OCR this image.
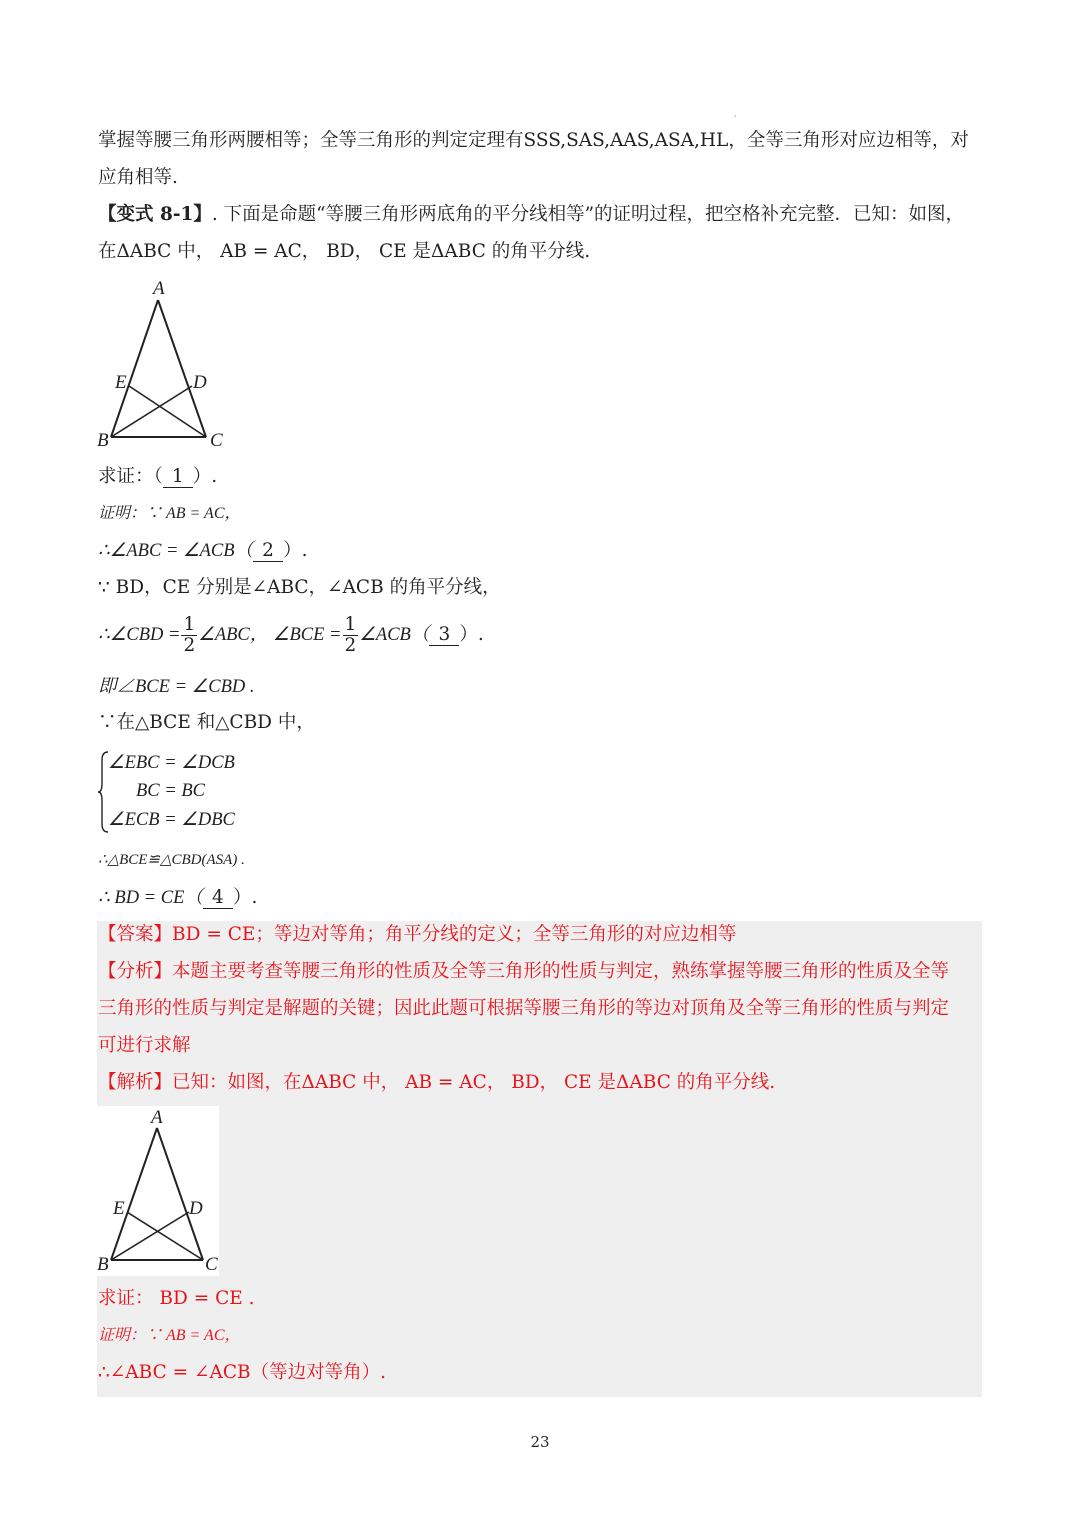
'
掌握等腰三角形两腰相等；全等三角形的判定定理有SSS,SAS,AAS,ASA,HL，全等三角形对应边相等，对
应角相等.
【变式 8-1】. 下面是命题“等腰三角形两底角的平分线相等”的证明过程，把空格补充完整．已知：如图，
在ΔABC 中， AB = AC， BD， CE 是ΔABC 的角平分线.
A
E	D
B	C
求证：（ 1 ）.
证明：∵ AB = AC，
∴∠ABC = ∠ACB（ 2 ）.
∵ BD，CE 分别是∠ABC，∠ACB 的角平分线，
∴∠CBD = $\frac{1}{2}$ ∠ABC， ∠BCE = $\frac{1}{2}$ ∠ACB（ 3 ）.
即∠BCE = ∠CBD .
∵在△BCE 和△CBD 中，
∠EBC = ∠DCB
BC = BC
∠ECB = ∠DBC
∴△BCE≌△CBD(ASA) .
∴ BD = CE（ 4 ）.
【答案】BD = CE；等边对等角；角平分线的定义；全等三角形的对应边相等
【分析】本题主要考查等腰三角形的性质及全等三角形的性质与判定，熟练掌握等腰三角形的性质及全等
三角形的性质与判定是解题的关键；因此此题可根据等腰三角形的等边对顶角及全等三角形的性质与判定
可进行求解
【解析】已知：如图，在ΔABC 中， AB = AC， BD， CE 是ΔABC 的角平分线.
A
E	D
B	C
求证： BD = CE .
证明：∵ AB = AC，
∴∠ABC = ∠ACB（等边对等角）.
23
